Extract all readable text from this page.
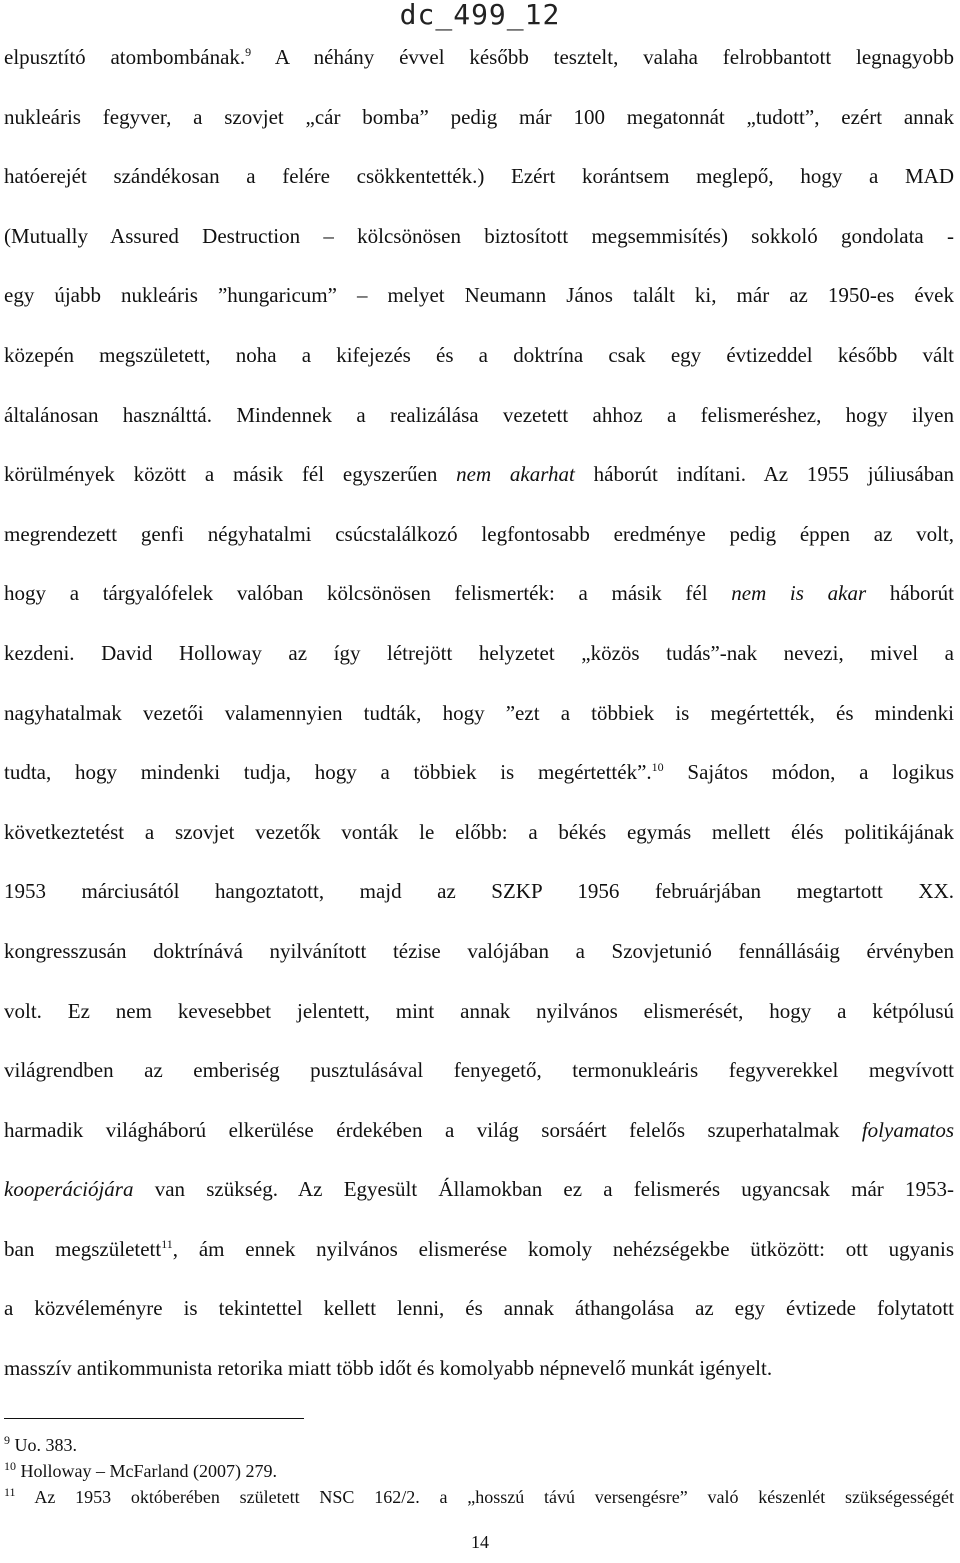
dc_499_12
elpusztító atombombának.$^9$ A néhány évvel később tesztelt, valaha felrobbantott legnagyobb
nukleáris fegyver, a szovjet „cár bomba” pedig már 100 megatonnát „tudott”, ezért annak
hatóerejét szándékosan a felére csökkentették.) Ezért korántsem meglepő, hogy a MAD
(Mutually Assured Destruction – kölcsönösen biztosított megsemmisítés) sokkoló gondolata -
egy újabb nukleáris ”hungaricum” – melyet Neumann János talált ki, már az 1950-es évek
közepén megszületett, noha a kifejezés és a doktrína csak egy évtizeddel később vált
általánosan használttá. Mindennek a realizálása vezetett ahhoz a felismeréshez, hogy ilyen
körülmények között a másik fél egyszerűen nem akarhat háborút indítani. Az 1955 júliusában
megrendezett genfi négyhatalmi csúcstalálkozó legfontosabb eredménye pedig éppen az volt,
hogy a tárgyalófelek valóban kölcsönösen felismerték: a másik fél nem is akar háborút
kezdeni. David Holloway az így létrejött helyzetet „közös tudás”-nak nevezi, mivel a
nagyhatalmak vezetői valamennyien tudták, hogy ”ezt a többiek is megértették, és mindenki
tudta, hogy mindenki tudja, hogy a többiek is megértették”.$^{10}$ Sajátos módon, a logikus
következtetést a szovjet vezetők vonták le előbb: a békés egymás mellett élés politikájának
1953 márciusától hangoztatott, majd az SZKP 1956 februárjában megtartott XX.
kongresszusán doktrínává nyilvánított tézise valójában a Szovjetunió fennállásáig érvényben
volt. Ez nem kevesebbet jelentett, mint annak nyilvános elismerését, hogy a kétpólusú
világrendben az emberiség pusztulásával fenyegető, termonukleáris fegyverekkel megvívott
harmadik világháború elkerülése érdekében a világ sorsáért felelős szuperhatalmak folyamatos
kooperációjára van szükség. Az Egyesült Államokban ez a felismerés ugyancsak már 1953-
ban megszületett$^{11}$, ám ennek nyilvános elismerése komoly nehézségekbe ütközött: ott ugyanis
a közvéleményre is tekintettel kellett lenni, és annak áthangolása az egy évtizede folytatott
masszív antikommunista retorika miatt több időt és komolyabb népnevelő munkát igényelt.
$^9$ Uo. 383.
$^{10}$ Holloway – McFarland (2007) 279.
$^{11}$ Az 1953 októberében született NSC 162/2. a „hosszú távú versengésre” való készenlét szükségességét
14
